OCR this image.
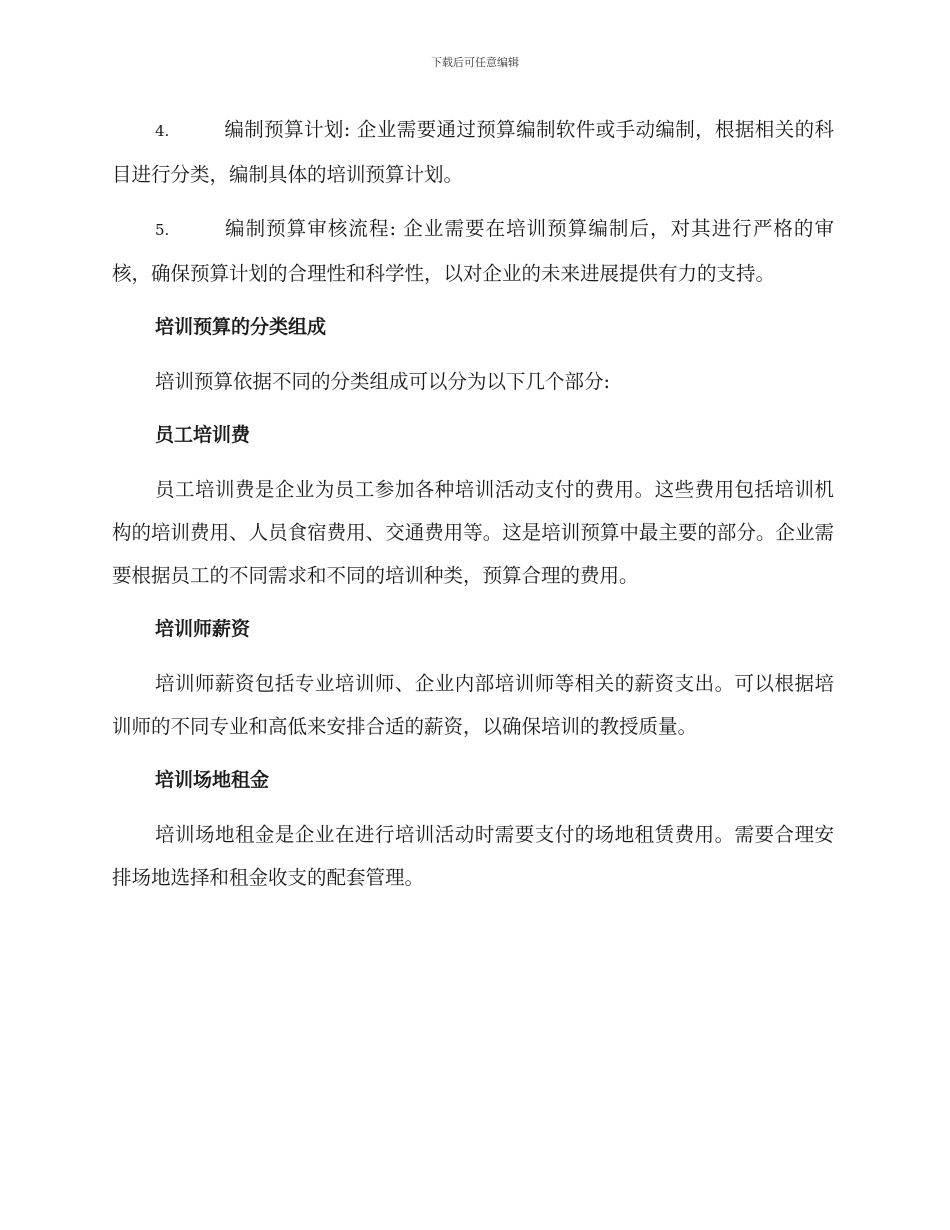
下载后可任意编辑

4.	编制预算计划: 企业需要通过预算编制软件或手动编制，根据相关的科目进行分类，编制具体的培训预算计划。

5.	编制预算审核流程: 企业需要在培训预算编制后，对其进行严格的审核，确保预算计划的合理性和科学性，以对企业的未来进展提供有力的支持。

培训预算的分类组成

培训预算依据不同的分类组成可以分为以下几个部分:

员工培训费

员工培训费是企业为员工参加各种培训活动支付的费用。这些费用包括培训机构的培训费用、人员食宿费用、交通费用等。这是培训预算中最主要的部分。企业需要根据员工的不同需求和不同的培训种类，预算合理的费用。

培训师薪资

培训师薪资包括专业培训师、企业内部培训师等相关的薪资支出。可以根据培训师的不同专业和高低来安排合适的薪资，以确保培训的教授质量。

培训场地租金

培训场地租金是企业在进行培训活动时需要支付的场地租赁费用。需要合理安排场地选择和租金收支的配套管理。
